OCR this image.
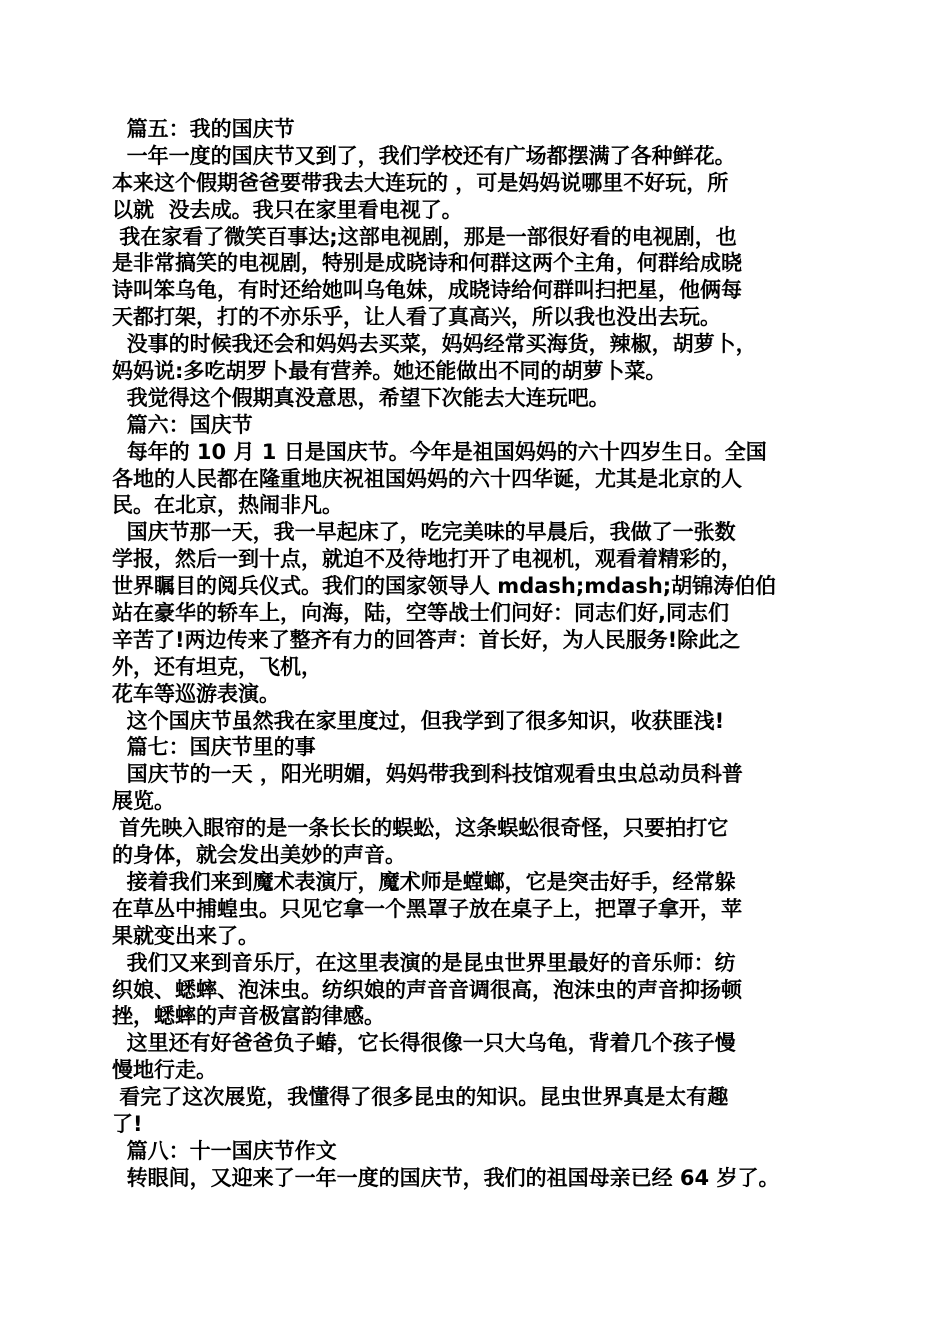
篇五：我的国庆节
一年一度的国庆节又到了，我们学校还有广场都摆满了各种鲜花。
本来这个假期爸爸要带我去大连玩的 ，可是妈妈说哪里不好玩，所
以就  没去成。我只在家里看电视了。
我在家看了微笑百事达;这部电视剧，那是一部很好看的电视剧，也
是非常搞笑的电视剧，特别是成晓诗和何群这两个主角，何群给成晓
诗叫笨乌龟，有时还给她叫乌龟妹，成晓诗给何群叫扫把星，他俩每
天都打架，打的不亦乐乎，让人看了真高兴，所以我也没出去玩。
没事的时候我还会和妈妈去买菜，妈妈经常买海货，辣椒，胡萝卜，
妈妈说:多吃胡罗卜最有营养。她还能做出不同的胡萝卜菜。
我觉得这个假期真没意思，希望下次能去大连玩吧。
篇六：国庆节
每年的 10 月 1 日是国庆节。今年是祖国妈妈的六十四岁生日。全国
各地的人民都在隆重地庆祝祖国妈妈的六十四华诞，尤其是北京的人
民。在北京，热闹非凡。
国庆节那一天，我一早起床了，吃完美味的早晨后，我做了一张数
学报，然后一到十点，就迫不及待地打开了电视机，观看着精彩的，
世界瞩目的阅兵仪式。我们的国家领导人 mdash;mdash;胡锦涛伯伯
站在豪华的轿车上，向海，陆，空等战士们问好：同志们好,同志们
辛苦了!两边传来了整齐有力的回答声：首长好，为人民服务!除此之
外，还有坦克，飞机，
花车等巡游表演。
这个国庆节虽然我在家里度过，但我学到了很多知识，收获匪浅!
篇七：国庆节里的事
国庆节的一天 ，阳光明媚，妈妈带我到科技馆观看虫虫总动员科普
展览。
首先映入眼帘的是一条长长的蜈蚣，这条蜈蚣很奇怪，只要拍打它
的身体，就会发出美妙的声音。
接着我们来到魔术表演厅，魔术师是螳螂，它是突击好手，经常躲
在草丛中捕蝗虫。只见它拿一个黑罩子放在桌子上，把罩子拿开，苹
果就变出来了。
我们又来到音乐厅，在这里表演的是昆虫世界里最好的音乐师：纺
织娘、蟋蟀、泡沫虫。纺织娘的声音音调很高，泡沫虫的声音抑扬顿
挫，蟋蟀的声音极富韵律感。
这里还有好爸爸负子蝽，它长得很像一只大乌龟，背着几个孩子慢
慢地行走。
看完了这次展览，我懂得了很多昆虫的知识。昆虫世界真是太有趣
了!
篇八：十一国庆节作文
转眼间，又迎来了一年一度的国庆节，我们的祖国母亲已经 64 岁了。
